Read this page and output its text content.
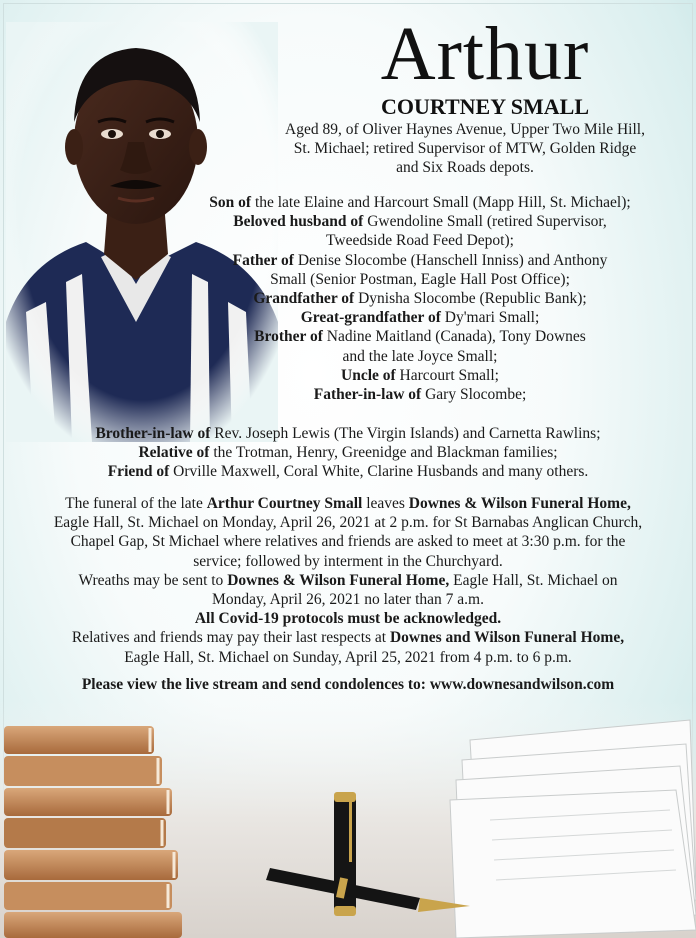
Arthur
COURTNEY SMALL
Aged 89, of Oliver Haynes Avenue, Upper Two Mile Hill,
St. Michael; retired Supervisor of MTW, Golden Ridge
and Six Roads depots.
Son of the late Elaine and Harcourt Small (Mapp Hill, St. Michael);
Beloved husband of Gwendoline Small (retired Supervisor,
Tweedside Road Feed Depot);
Father of Denise Slocombe (Hanschell Inniss) and Anthony
Small (Senior Postman, Eagle Hall Post Office);
Grandfather of Dynisha Slocombe (Republic Bank);
Great-grandfather of Dy'mari Small;
Brother of Nadine Maitland (Canada), Tony Downes
and the late Joyce Small;
Uncle of Harcourt Small;
Father-in-law of Gary Slocombe;
Brother-in-law of Rev. Joseph Lewis (The Virgin Islands) and Carnetta Rawlins;
Relative of the Trotman, Henry, Greenidge and Blackman families;
Friend of Orville Maxwell, Coral White, Clarine Husbands and many others.
The funeral of the late Arthur Courtney Small leaves Downes & Wilson Funeral Home,
Eagle Hall, St. Michael on Monday, April 26, 2021 at 2 p.m. for St Barnabas Anglican Church,
Chapel Gap, St Michael where relatives and friends are asked to meet at 3:30 p.m. for the
service; followed by interment in the Churchyard.
Wreaths may be sent to Downes & Wilson Funeral Home, Eagle Hall, St. Michael on
Monday, April 26, 2021 no later than 7 a.m.
All Covid-19 protocols must be acknowledged.
Relatives and friends may pay their last respects at Downes and Wilson Funeral Home,
Eagle Hall, St. Michael on Sunday, April 25, 2021 from 4 p.m. to 6 p.m.
Please view the live stream and send condolences to: www.downesandwilson.com
